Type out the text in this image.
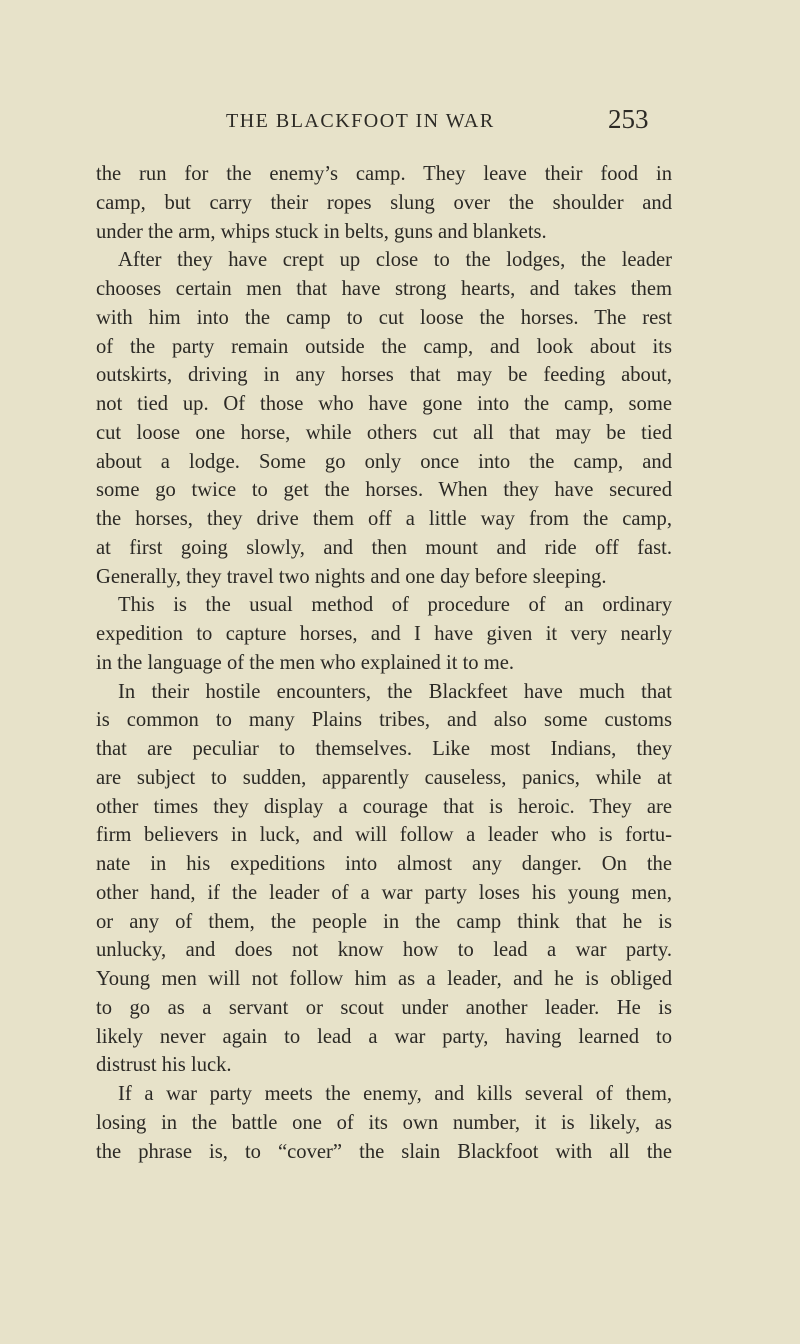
THE BLACKFOOT IN WAR	253
the run for the enemy’s camp. They leave their food in
camp, but carry their ropes slung over the shoulder and
under the arm, whips stuck in belts, guns and blankets.
After they have crept up close to the lodges, the leader
chooses certain men that have strong hearts, and takes them
with him into the camp to cut loose the horses. The rest
of the party remain outside the camp, and look about its
outskirts, driving in any horses that may be feeding about,
not tied up. Of those who have gone into the camp, some
cut loose one horse, while others cut all that may be tied
about a lodge. Some go only once into the camp, and
some go twice to get the horses. When they have secured
the horses, they drive them off a little way from the camp,
at first going slowly, and then mount and ride off fast.
Generally, they travel two nights and one day before sleeping.
This is the usual method of procedure of an ordinary
expedition to capture horses, and I have given it very nearly
in the language of the men who explained it to me.
In their hostile encounters, the Blackfeet have much that
is common to many Plains tribes, and also some customs
that are peculiar to themselves. Like most Indians, they
are subject to sudden, apparently causeless, panics, while at
other times they display a courage that is heroic. They are
firm believers in luck, and will follow a leader who is fortu-
nate in his expeditions into almost any danger. On the
other hand, if the leader of a war party loses his young men,
or any of them, the people in the camp think that he is
unlucky, and does not know how to lead a war party.
Young men will not follow him as a leader, and he is obliged
to go as a servant or scout under another leader. He is
likely never again to lead a war party, having learned to
distrust his luck.
If a war party meets the enemy, and kills several of them,
losing in the battle one of its own number, it is likely, as
the phrase is, to “cover” the slain Blackfoot with all the
